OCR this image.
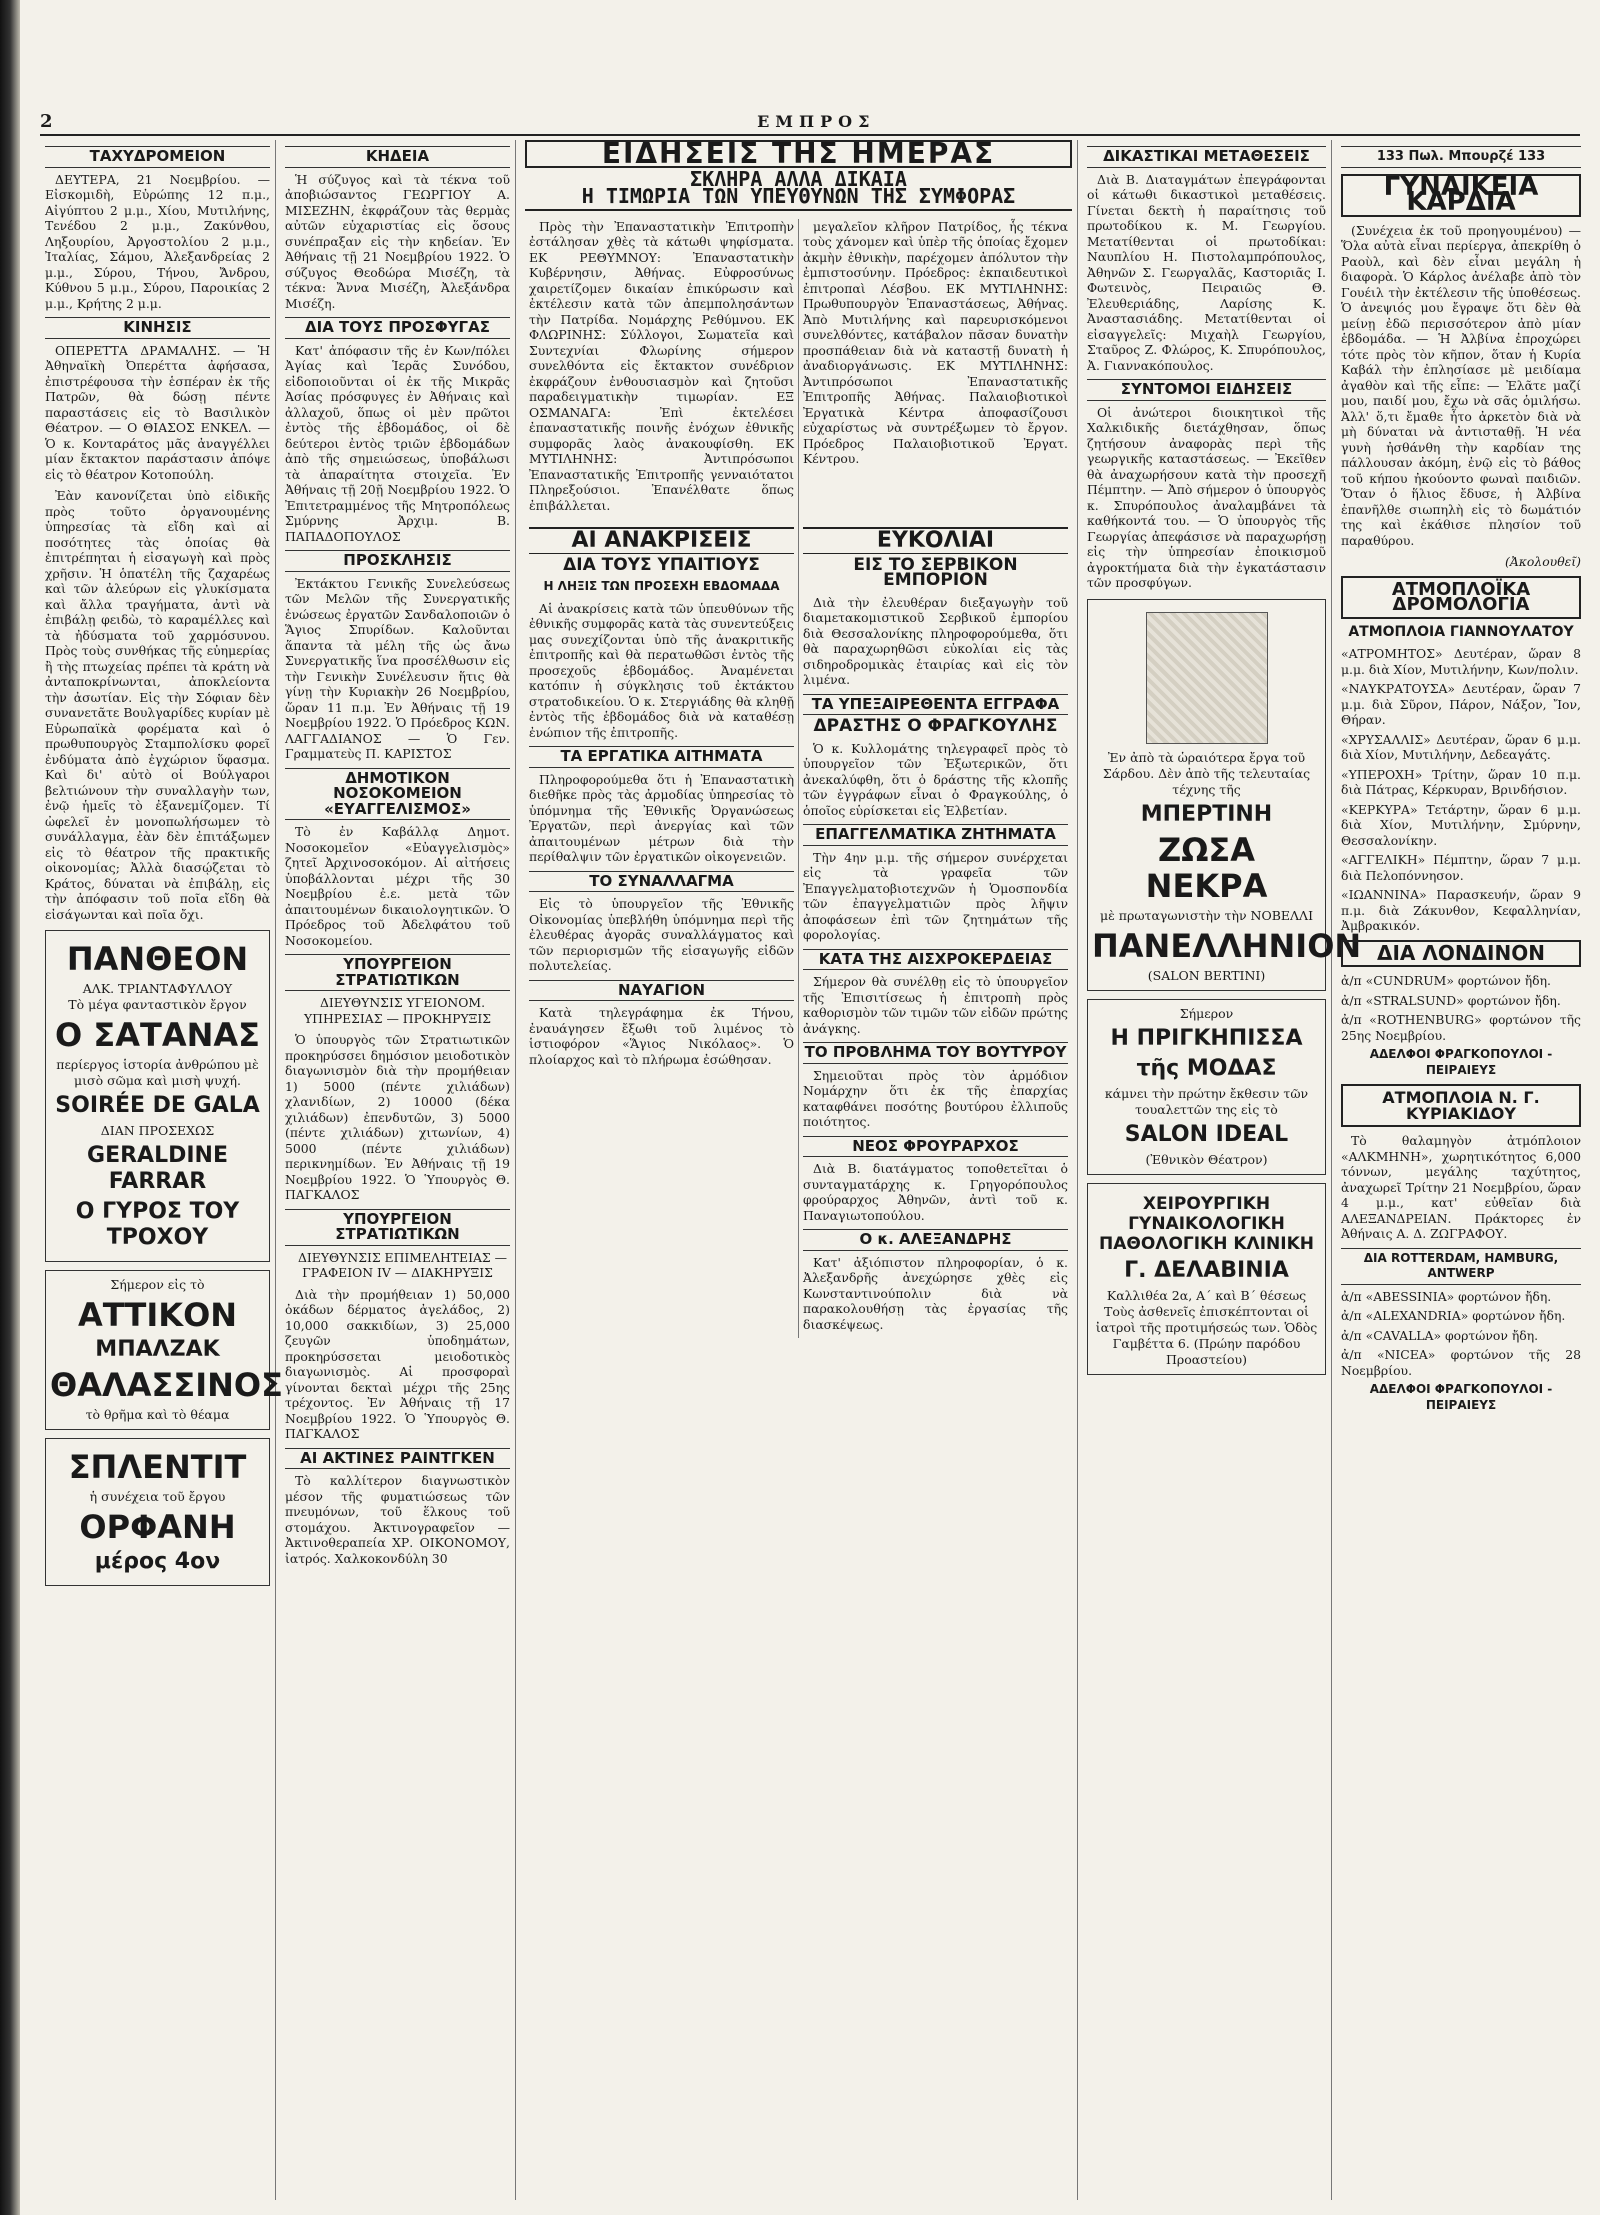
2	ΕΜΠΡΟΣ
ΤΑΧΥΔΡΟΜΕΙΟΝ

ΔΕΥΤΕΡΑ, 21 Νοεμβρίου. — Εἰσκομιδὴ, Εὐρώπης 12 π.μ., Αἰγύπτου 2 μ.μ., Χίου, Μυτιλήνης, Τενέδου 2 μ.μ., Ζακύνθου, Ληξουρίου, Ἀργοστολίου 2 μ.μ., Ἰταλίας, Σάμου, Ἀλεξανδρείας 2 μ.μ., Σύρου, Τήνου, Ἄνδρου, Κύθνου 5 μ.μ., Σύρου, Παροικίας 2 μ.μ., Κρήτης 2 μ.μ.

ΚΙΝΗΣΙΣ

ΟΠΕΡΕΤΤΑ ΔΡΑΜΑΛΗΣ. — Ἡ Ἀθηναϊκὴ Ὀπερέττα ἀφήσασα, ἐπιστρέφουσα τὴν ἑσπέραν ἐκ τῆς Πατρῶν, θὰ δώσῃ πέντε παραστάσεις εἰς τὸ Βασιλικὸν Θέατρον. — Ο ΘΙΑΣΟΣ ΕΝΚΕΛ. — Ὁ κ. Κονταράτος μᾶς ἀναγγέλλει μίαν ἔκτακτον παράστασιν ἀπόψε εἰς τὸ θέατρον Κοτοπούλη.

Ἐὰν κανονίζεται ὑπὸ εἰδικῆς πρὸς τοῦτο ὀργανουμένης ὑπηρεσίας τὰ εἴδη καὶ αἱ ποσότητες τὰς ὁποίας θὰ ἐπιτρέπηται ἡ εἰσαγωγὴ καὶ πρὸς χρῆσιν. Ἡ ὁπατέλη τῆς ζαχαρέως καὶ τῶν ἀλεύρων εἰς γλυκίσματα καὶ ἄλλα τραγήματα, ἀντὶ νὰ ἐπιβάλῃ φειδὼ, τὸ καραμέλλες καὶ τὰ ἠδύσματα τοῦ χαρμόσυνου. Πρὸς τοὺς συνθήκας τῆς εὐημερίας ἢ τὴς πτωχείας πρέπει τὰ κράτη νὰ ἀνταποκρίνωνται, ἀποκλείοντα τὴν ἀσωτίαν. Εἰς τὴν Σόφιαν δὲν συνανετᾶτε Βουλγαρίδες κυρίαν μὲ Εὐρωπαϊκὰ φορέματα καὶ ὁ πρωθυπουργὸς Σταμπολίσκυ φορεῖ ἐνδύματα ἀπὸ ἐγχώριον ὕφασμα. Καὶ δι' αὐτὸ οἱ Βούλγαροι βελτιώνουν τὴν συναλλαγὴν των, ἐνῷ ἡμεῖς τὸ ἐξανεμίζομεν. Τί ὠφελεῖ ἐν μονοπωλήσωμεν τὸ συνάλλαγμα, ἐὰν δὲν ἐπιτάξωμεν εἰς τὸ θέατρον τῆς πρακτικῆς οἰκονομίας; Ἀλλὰ διασῴζεται τὸ Κράτος, δύναται νὰ ἐπιβάλῃ, εἰς τὴν ἀπόφασιν τοῦ ποῖα εἴδη θὰ εἰσάγωνται καὶ ποῖα ὄχι.

ΠΑΝΘΕΟΝ
ΑΛΚ. ΤΡΙΑΝΤΑΦΥΛΛΟΥ
Τὸ μέγα φανταστικὸν ἔργον
Ο ΣΑΤΑΝΑΣ
περίεργος ἱστορία ἀνθρώπου μὲ μισὸ σῶμα καὶ μισὴ ψυχή.
SOIRÉE DE GALA
ΔΙΑΝ ΠΡΟΣΕΧΩΣ
GERALDINE FARRAR
Ο ΓΥΡΟΣ ΤΟΥ ΤΡΟΧΟΥ
Σήμερον εἰς τὸ
ΑΤΤΙΚΟΝ
ΜΠΑΛΖΑΚ
ΘΑΛΑΣΣΙΝΟΣ
τὸ θρῆμα καὶ τὸ θέαμα
ΣΠΛΕΝΤΙΤ
ἡ συνέχεια τοῦ ἔργου
ΟΡΦΑΝΗ
μέρος 4ον
ΚΗΔΕΙΑ

Ἡ σύζυγος καὶ τὰ τέκνα τοῦ ἀποβιώσαντος ΓΕΩΡΓΙΟΥ Α. ΜΙΣΕΖΗΝ, ἐκφράζουν τὰς θερμὰς αὐτῶν εὐχαριστίας εἰς ὅσους συνέπραξαν εἰς τὴν κηδείαν. Ἐν Ἀθήναις τῇ 21 Νοεμβρίου 1922. Ὁ σύζυγος Θεοδώρα Μισέζη, τὰ τέκνα: Ἄννα Μισέζη, Ἀλεξάνδρα Μισέζη.

ΔΙΑ ΤΟΥΣ ΠΡΟΣΦΥΓΑΣ

Κατ' ἀπόφασιν τῆς ἐν Κων/πόλει Ἀγίας καὶ Ἱερᾶς Συνόδου, εἰδοποιοῦνται οἱ ἐκ τῆς Μικρᾶς Ἀσίας πρόσφυγες ἐν Ἀθήναις καὶ ἀλλαχοῦ, ὅπως οἱ μὲν πρῶτοι ἐντὸς τῆς ἑβδομάδος, οἱ δὲ δεύτεροι ἐντὸς τριῶν ἑβδομάδων ἀπὸ τῆς σημειώσεως, ὑποβάλωσι τὰ ἀπαραίτητα στοιχεῖα. Ἐν Ἀθήναις τῇ 20ῇ Νοεμβρίου 1922. Ὁ Ἐπιτετραμμένος τῆς Μητροπόλεως Σμύρνης Ἀρχιμ. Β. ΠΑΠΑΔΟΠΟΥΛΟΣ

ΠΡΟΣΚΛΗΣΙΣ

Ἐκτάκτου Γενικῆς Συνελεύσεως τῶν Μελῶν τῆς Συνεργατικῆς ἑνώσεως ἐργατῶν Σανδαλοποιῶν ὁ Ἅγιος Σπυρίδων. Καλοῦνται ἅπαντα τὰ μέλη τῆς ὡς ἄνω Συνεργατικῆς ἵνα προσέλθωσιν εἰς τὴν Γενικὴν Συνέλευσιν ἥτις θὰ γίνῃ τὴν Κυριακὴν 26 Νοεμβρίου, ὥραν 11 π.μ. Ἐν Ἀθήναις τῇ 19 Νοεμβρίου 1922. Ὁ Πρόεδρος ΚΩΝ. ΛΑΓΓΑΔΙΑΝΟΣ — Ὁ Γεν. Γραμματεὺς Π. ΚΑΡΙΣΤΟΣ

ΔΗΜΟΤΙΚΟΝ ΝΟΣΟΚΟΜΕΙΟΝ «ΕΥΑΓΓΕΛΙΣΜΟΣ»

Τὸ ἐν Καβάλλᾳ Δημοτ. Νοσοκομεῖον «Εὐαγγελισμὸς» ζητεῖ Ἀρχινοσοκόμον. Αἱ αἰτήσεις ὑποβάλλονται μέχρι τῆς 30 Νοεμβρίου ἐ.ε. μετὰ τῶν ἀπαιτουμένων δικαιολογητικῶν. Ὁ Πρόεδρος τοῦ Ἀδελφάτου τοῦ Νοσοκομείου.

ΥΠΟΥΡΓΕΙΟΝ ΣΤΡΑΤΙΩΤΙΚΩΝ

ΔΙΕΥΘΥΝΣΙΣ ΥΓΕΙΟΝΟΜ. ΥΠΗΡΕΣΙΑΣ — ΠΡΟΚΗΡΥΞΙΣ

Ὁ ὑπουργὸς τῶν Στρατιωτικῶν προκηρύσσει δημόσιον μειοδοτικὸν διαγωνισμὸν διὰ τὴν προμήθειαν 1) 5000 (πέντε χιλιάδων) χλανιδίων, 2) 10000 (δέκα χιλιάδων) ἐπενδυτῶν, 3) 5000 (πέντε χιλιάδων) χιτωνίων, 4) 5000 (πέντε χιλιάδων) περικνημίδων. Ἐν Ἀθήναις τῇ 19 Νοεμβρίου 1922. Ὁ Ὑπουργὸς Θ. ΠΑΓΚΑΛΟΣ

ΥΠΟΥΡΓΕΙΟΝ ΣΤΡΑΤΙΩΤΙΚΩΝ

ΔΙΕΥΘΥΝΣΙΣ ΕΠΙΜΕΛΗΤΕΙΑΣ — ΓΡΑΦΕΙΟΝ IV — ΔΙΑΚΗΡΥΞΙΣ

Διὰ τὴν προμήθειαν 1) 50,000 ὀκάδων δέρματος ἀγελάδος, 2) 10,000 σακκιδίων, 3) 25,000 ζευγῶν ὑποδημάτων, προκηρύσσεται μειοδοτικὸς διαγωνισμὸς. Αἱ προσφοραὶ γίνονται δεκταὶ μέχρι τῆς 25ης τρέχοντος. Ἐν Ἀθήναις τῇ 17 Νοεμβρίου 1922. Ὁ Ὑπουργὸς Θ. ΠΑΓΚΑΛΟΣ

ΑΙ ΑΚΤΙΝΕΣ ΡΑΙΝΤΓΚΕΝ

Τὸ καλλίτερον διαγνωστικὸν μέσον τῆς φυματιώσεως τῶν πνευμόνων, τοῦ ἕλκους τοῦ στομάχου. Ἀκτινογραφεῖον — Ἀκτινοθεραπεία ΧΡ. ΟΙΚΟΝΟΜΟΥ, ἰατρός. Χαλκοκονδύλη 30

ΕΙΔΗΣΕΙΣ ΤΗΣ ΗΜΕΡΑΣ
ΣΚΛΗΡΑ ΑΛΛΑ ΔΙΚΑΙΑ
Η ΤΙΜΩΡΙΑ ΤΩΝ ΥΠΕΥΘΥΝΩΝ ΤΗΣ ΣΥΜΦΟΡΑΣ

Πρὸς τὴν Ἐπαναστατικὴν Ἐπιτροπὴν ἐστάλησαν χθὲς τὰ κάτωθι ψηφίσματα. ΕΚ ΡΕΘΥΜΝΟΥ: Ἐπαναστατικὴν Κυβέρνησιν, Ἀθήνας. Εὐφροσύνως χαιρετίζομεν δικαίαν ἐπικύρωσιν καὶ ἐκτέλεσιν κατὰ τῶν ἀπεμπολησάντων τὴν Πατρίδα. Νομάρχης Ρεθύμνου. ΕΚ ΦΛΩΡΙΝΗΣ: Σύλλογοι, Σωματεῖα καὶ Συντεχνίαι Φλωρίνης σήμερον συνελθόντα εἰς ἔκτακτον συνέδριον ἐκφράζουν ἐνθουσιασμὸν καὶ ζητοῦσι παραδειγματικὴν τιμωρίαν. ΕΞ ΟΣΜΑΝΑΓΑ: Ἐπὶ ἐκτελέσει ἐπαναστατικῆς ποινῆς ἐνόχων ἐθνικῆς συμφορᾶς λαὸς ἀνακουφίσθη. ΕΚ ΜΥΤΙΛΗΝΗΣ: Ἀντιπρόσωποι Ἐπαναστατικῆς Ἐπιτροπῆς γενναιότατοι Πληρεξούσιοι. Ἐπανέλθατε ὅπως ἐπιβάλλεται.

μεγαλεῖον κλῆρον Πατρίδος, ἧς τέκνα τοὺς χάνομεν καὶ ὑπὲρ τῆς ὁποίας ἔχομεν ἀκμὴν ἐθνικὴν, παρέχομεν ἀπόλυτον τὴν ἐμπιστοσύνην. Πρόεδρος: ἐκπαιδευτικοὶ ἐπιτροπαὶ Λέσβου. ΕΚ ΜΥΤΙΛΗΝΗΣ: Πρωθυπουργὸν Ἐπαναστάσεως, Ἀθήνας. Ἀπὸ Μυτιλήνης καὶ παρευρισκόμενοι συνελθόντες, κατάβαλον πᾶσαν δυνατὴν προσπάθειαν διὰ νὰ καταστῇ δυνατὴ ἡ ἀναδιοργάνωσις. ΕΚ ΜΥΤΙΛΗΝΗΣ: Ἀντιπρόσωποι Ἐπαναστατικῆς Ἐπιτροπῆς Ἀθήνας. Παλαιοβιοτικοὶ Ἐργατικὰ Κέντρα ἀποφασίζουσι εὐχαρίστως νὰ συντρέξωμεν τὸ ἔργον. Πρόεδρος Παλαιοβιοτικοῦ Ἐργατ. Κέντρου.

ΑΙ ΑΝΑΚΡΙΣΕΙΣ
ΔΙΑ ΤΟΥΣ ΥΠΑΙΤΙΟΥΣ
Η ΛΗΞΙΣ ΤΩΝ ΠΡΟΣΕΧΗ ΕΒΔΟΜΑΔΑ

Αἱ ἀνακρίσεις κατὰ τῶν ὑπευθύνων τῆς ἐθνικῆς συμφορᾶς κατὰ τὰς συνεντεύξεις μας συνεχίζονται ὑπὸ τῆς ἀνακριτικῆς ἐπιτροπῆς καὶ θὰ περατωθῶσι ἐντὸς τῆς προσεχοῦς ἑβδομάδος. Ἀναμένεται κατόπιν ἡ σύγκλησις τοῦ ἐκτάκτου στρατοδικείου. Ὁ κ. Στεργιάδης θὰ κληθῇ ἐντὸς τῆς ἑβδομάδος διὰ νὰ καταθέσῃ ἐνώπιον τῆς ἐπιτροπῆς.

ΤΑ ΕΡΓΑΤΙΚΑ ΑΙΤΗΜΑΤΑ

Πληροφορούμεθα ὅτι ἡ Ἐπαναστατικὴ διεθῆκε πρὸς τὰς ἀρμοδίας ὑπηρεσίας τὸ ὑπόμνημα τῆς Ἐθνικῆς Ὀργανώσεως Ἐργατῶν, περὶ ἀνεργίας καὶ τῶν ἀπαιτουμένων μέτρων διὰ τὴν περίθαλψιν τῶν ἐργατικῶν οἰκογενειῶν.

ΤΟ ΣΥΝΑΛΛΑΓΜΑ

Εἰς τὸ ὑπουργεῖον τῆς Ἐθνικῆς Οἰκονομίας ὑπεβλήθη ὑπόμνημα περὶ τῆς ἐλευθέρας ἀγορᾶς συναλλάγματος καὶ τῶν περιορισμῶν τῆς εἰσαγωγῆς εἰδῶν πολυτελείας.

ΝΑΥΑΓΙΟΝ

Κατὰ τηλεγράφημα ἐκ Τήνου, ἐναυάγησεν ἔξωθι τοῦ λιμένος τὸ ἱστιοφόρον «Ἅγιος Νικόλαος». Ὁ πλοίαρχος καὶ τὸ πλήρωμα ἐσώθησαν.

ΕΥΚΟΛΙΑΙ
ΕΙΣ ΤΟ ΣΕΡΒΙΚΟΝ ΕΜΠΟΡΙΟΝ

Διὰ τὴν ἐλευθέραν διεξαγωγὴν τοῦ διαμετακομιστικοῦ Σερβικοῦ ἐμπορίου διὰ Θεσσαλονίκης πληροφορούμεθα, ὅτι θὰ παραχωρηθῶσι εὐκολίαι εἰς τὰς σιδηροδρομικὰς ἑταιρίας καὶ εἰς τὸν λιμένα.

ΤΑ ΥΠΕΞΑΙΡΕΘΕΝΤΑ ΕΓΓΡΑΦΑ
ΔΡΑΣΤΗΣ Ο ΦΡΑΓΚΟΥΛΗΣ

Ὁ κ. Κυλλομάτης τηλεγραφεῖ πρὸς τὸ ὑπουργεῖον τῶν Ἐξωτερικῶν, ὅτι ἀνεκαλύφθη, ὅτι ὁ δράστης τῆς κλοπῆς τῶν ἐγγράφων εἶναι ὁ Φραγκούλης, ὁ ὁποῖος εὑρίσκεται εἰς Ἑλβετίαν.

ΕΠΑΓΓΕΛΜΑΤΙΚΑ ΖΗΤΗΜΑΤΑ

Τὴν 4ην μ.μ. τῆς σήμερον συνέρχεται εἰς τὰ γραφεῖα τῶν Ἐπαγγελματοβιοτεχνῶν ἡ Ὁμοσπονδία τῶν ἐπαγγελματιῶν πρὸς λῆψιν ἀποφάσεων ἐπὶ τῶν ζητημάτων τῆς φορολογίας.

ΚΑΤΑ ΤΗΣ ΑΙΣΧΡΟΚΕΡΔΕΙΑΣ

Σήμερον θὰ συνέλθῃ εἰς τὸ ὑπουργεῖον τῆς Ἐπισιτίσεως ἡ ἐπιτροπὴ πρὸς καθορισμὸν τῶν τιμῶν τῶν εἰδῶν πρώτης ἀνάγκης.

ΤΟ ΠΡΟΒΛΗΜΑ ΤΟΥ ΒΟΥΤΥΡΟΥ

Σημειοῦται πρὸς τὸν ἀρμόδιον Νομάρχην ὅτι ἐκ τῆς ἐπαρχίας καταφθάνει ποσότης βουτύρου ἐλλιποῦς ποιότητος.

ΝΕΟΣ ΦΡΟΥΡΑΡΧΟΣ

Διὰ Β. διατάγματος τοποθετεῖται ὁ συνταγματάρχης κ. Γρηγορόπουλος φρούραρχος Ἀθηνῶν, ἀντὶ τοῦ κ. Παναγιωτοπούλου.

Ο κ. ΑΛΕΞΑΝΔΡΗΣ

Κατ' ἀξιόπιστον πληροφορίαν, ὁ κ. Ἀλεξανδρῆς ἀνεχώρησε χθὲς εἰς Κωνσταντινούπολιν διὰ νὰ παρακολουθήσῃ τὰς ἐργασίας τῆς διασκέψεως.

ΔΙΚΑΣΤΙΚΑΙ ΜΕΤΑΘΕΣΕΙΣ

Διὰ Β. Διαταγμάτων ἐπεγράφονται οἱ κάτωθι δικαστικοὶ μεταθέσεις. Γίνεται δεκτὴ ἡ παραίτησις τοῦ πρωτοδίκου κ. Μ. Γεωργίου. Μετατίθενται οἱ πρωτοδίκαι: Ναυπλίου Η. Πιστολαμπρόπουλος, Ἀθηνῶν Σ. Γεωργαλᾶς, Καστοριᾶς Ι. Φωτεινὸς, Πειραιῶς Θ. Ἐλευθεριάδης, Λαρίσης Κ. Ἀναστασιάδης. Μετατίθενται οἱ εἰσαγγελεῖς: Μιχαὴλ Γεωργίου, Σταῦρος Ζ. Φλώρος, Κ. Σπυρόπουλος, Ἀ. Γιαννακόπουλος.

ΣΥΝΤΟΜΟΙ ΕΙΔΗΣΕΙΣ

Οἱ ἀνώτεροι διοικητικοὶ τῆς Χαλκιδικῆς διετάχθησαν, ὅπως ζητήσουν ἀναφορὰς περὶ τῆς γεωργικῆς καταστάσεως. — Ἐκεῖθεν θὰ ἀναχωρήσουν κατὰ τὴν προσεχῆ Πέμπτην. — Ἀπὸ σήμερον ὁ ὑπουργὸς κ. Σπυρόπουλος ἀναλαμβάνει τὰ καθήκοντά του. — Ὁ ὑπουργὸς τῆς Γεωργίας ἀπεφάσισε νὰ παραχωρήσῃ εἰς τὴν ὑπηρεσίαν ἐποικισμοῦ ἀγροκτήματα διὰ τὴν ἐγκατάστασιν τῶν προσφύγων.

Ἐν ἀπὸ τὰ ὡραιότερα ἔργα τοῦ Σάρδου. Δὲν ἀπὸ τῆς τελευταίας τέχνης τῆς
ΜΠΕΡΤΙΝΗ
ΖΩΣΑ ΝΕΚΡΑ
μὲ πρωταγωνιστὴν τὴν ΝΟΒΕΛΛΙ
ΠΑΝΕΛΛΗΝΙΟΝ
(SALON BERTINI)
Σήμερον
Η ΠΡΙΓΚΗΠΙΣΣΑ
τῆς ΜΟΔΑΣ
κάμνει τὴν πρώτην ἔκθεσιν τῶν τουαλεττῶν της εἰς τὸ
SALON IDEAL
(Ἐθνικὸν Θέατρον)
ΧΕΙΡΟΥΡΓΙΚΗ ΓΥΝΑΙΚΟΛΟΓΙΚΗ ΠΑΘΟΛΟΓΙΚΗ ΚΛΙΝΙΚΗ
Γ. ΔΕΛΑΒΙΝΙΑ
Καλλιθέα 2α, Α΄ καὶ Β΄ θέσεως
Τοὺς ἀσθενεῖς ἐπισκέπτονται οἱ ἰατροὶ τῆς προτιμήσεώς των. Ὁδὸς Γαμβέττα 6. (Πρώην παρόδου Προαστείου)
133 Πωλ. Μπουρζέ 133
ΓΥΝΑΙΚΕΙΑ ΚΑΡΔΙΑ

(Συνέχεια ἐκ τοῦ προηγουμένου) — Ὅλα αὐτὰ εἶναι περίεργα, ἀπεκρίθη ὁ Ραοὺλ, καὶ δὲν εἶναι μεγάλη ἡ διαφορὰ. Ὁ Κάρλος ἀνέλαβε ἀπὸ τὸν Γουέιλ τὴν ἐκτέλεσιν τῆς ὑποθέσεως. Ὁ ἀνεψιός μου ἔγραψε ὅτι δὲν θὰ μείνῃ ἐδῶ περισσότερον ἀπὸ μίαν ἑβδομάδα. — Ἡ Ἀλβίνα ἐπροχώρει τότε πρὸς τὸν κῆπον, ὅταν ἡ Κυρία Καβάλ τὴν ἐπλησίασε μὲ μειδίαμα ἀγαθὸν καὶ τῆς εἶπε: — Ἐλᾶτε μαζί μου, παιδί μου, ἔχω νὰ σᾶς ὁμιλήσω. Ἀλλ' ὅ,τι ἔμαθε ἦτο ἀρκετὸν διὰ νὰ μὴ δύναται νὰ ἀντισταθῇ. Ἡ νέα γυνὴ ἠσθάνθη τὴν καρδίαν της πάλλουσαν ἀκόμη, ἐνῷ εἰς τὸ βάθος τοῦ κήπου ἠκούοντο φωναὶ παιδιῶν. Ὅταν ὁ ἥλιος ἔδυσε, ἡ Ἀλβίνα ἐπανῆλθε σιωπηλὴ εἰς τὸ δωμάτιόν της καὶ ἐκάθισε πλησίον τοῦ παραθύρου.

(Ἀκολουθεῖ)

ΑΤΜΟΠΛΟΪΚΑ ΔΡΟΜΟΛΟΓΙΑ
ΑΤΜΟΠΛΟΙΑ ΓΙΑΝΝΟΥΛΑΤΟΥ
«ΑΤΡΟΜΗΤΟΣ» Δευτέραν, ὥραν 8 μ.μ. διὰ Χίον, Μυτιλήνην, Κων/πολιν.
«ΝΑΥΚΡΑΤΟΥΣΑ» Δευτέραν, ὥραν 7 μ.μ. διὰ Σῦρον, Πάρον, Νάξον, Ἴον, Θήραν.
«ΧΡΥΣΑΛΛΙΣ» Δευτέραν, ὥραν 6 μ.μ. διὰ Χίον, Μυτιλήνην, Δεδεαγάτς.
«ΥΠΕΡΟΧΗ» Τρίτην, ὥραν 10 π.μ. διὰ Πάτρας, Κέρκυραν, Βρινδήσιον.
«ΚΕΡΚΥΡΑ» Τετάρτην, ὥραν 6 μ.μ. διὰ Χίον, Μυτιλήνην, Σμύρνην, Θεσσαλονίκην.
«ΑΓΓΕΛΙΚΗ» Πέμπτην, ὥραν 7 μ.μ. διὰ Πελοπόννησον.
«ΙΩΑΝΝΙΝΑ» Παρασκευήν, ὥραν 9 π.μ. διὰ Ζάκυνθον, Κεφαλληνίαν, Ἀμβρακικόν.
ΔΙΑ ΛΟΝΔΙΝΟΝ
ἀ/π «CUNDRUM» φορτώνον ἤδη.
ἀ/π «STRALSUND» φορτώνον ἤδη.
ἀ/π «ROTHENBURG» φορτώνον τῆς 25ης Νοεμβρίου.
ΑΔΕΛΦΟΙ ΦΡΑΓΚΟΠΟΥΛΟΙ - ΠΕΙΡΑΙΕΥΣ
ΑΤΜΟΠΛΟΙΑ Ν. Γ. ΚΥΡΙΑΚΙΔΟΥ

Τὸ θαλαμηγὸν ἀτμόπλοιον «ΑΛΚΜΗΝΗ», χωρητικότητος 6,000 τόννων, μεγάλης ταχύτητος, ἀναχωρεῖ Τρίτην 21 Νοεμβρίου, ὥραν 4 μ.μ., κατ' εὐθεῖαν διὰ ΑΛΕΞΑΝΔΡΕΙΑΝ. Πράκτορες ἐν Ἀθήναις Α. Δ. ΖΩΓΡΑΦΟΥ.

ΔΙΑ ROTTERDAM, HAMBURG, ANTWERP
ἀ/π «ABESSINIA» φορτώνον ἤδη.
ἀ/π «ALEXANDRIA» φορτώνον ἤδη.
ἀ/π «CAVALLA» φορτώνον ἤδη.
ἀ/π «NICEA» φορτώνον τῆς 28 Νοεμβρίου.
ΑΔΕΛΦΟΙ ΦΡΑΓΚΟΠΟΥΛΟΙ - ΠΕΙΡΑΙΕΥΣ
